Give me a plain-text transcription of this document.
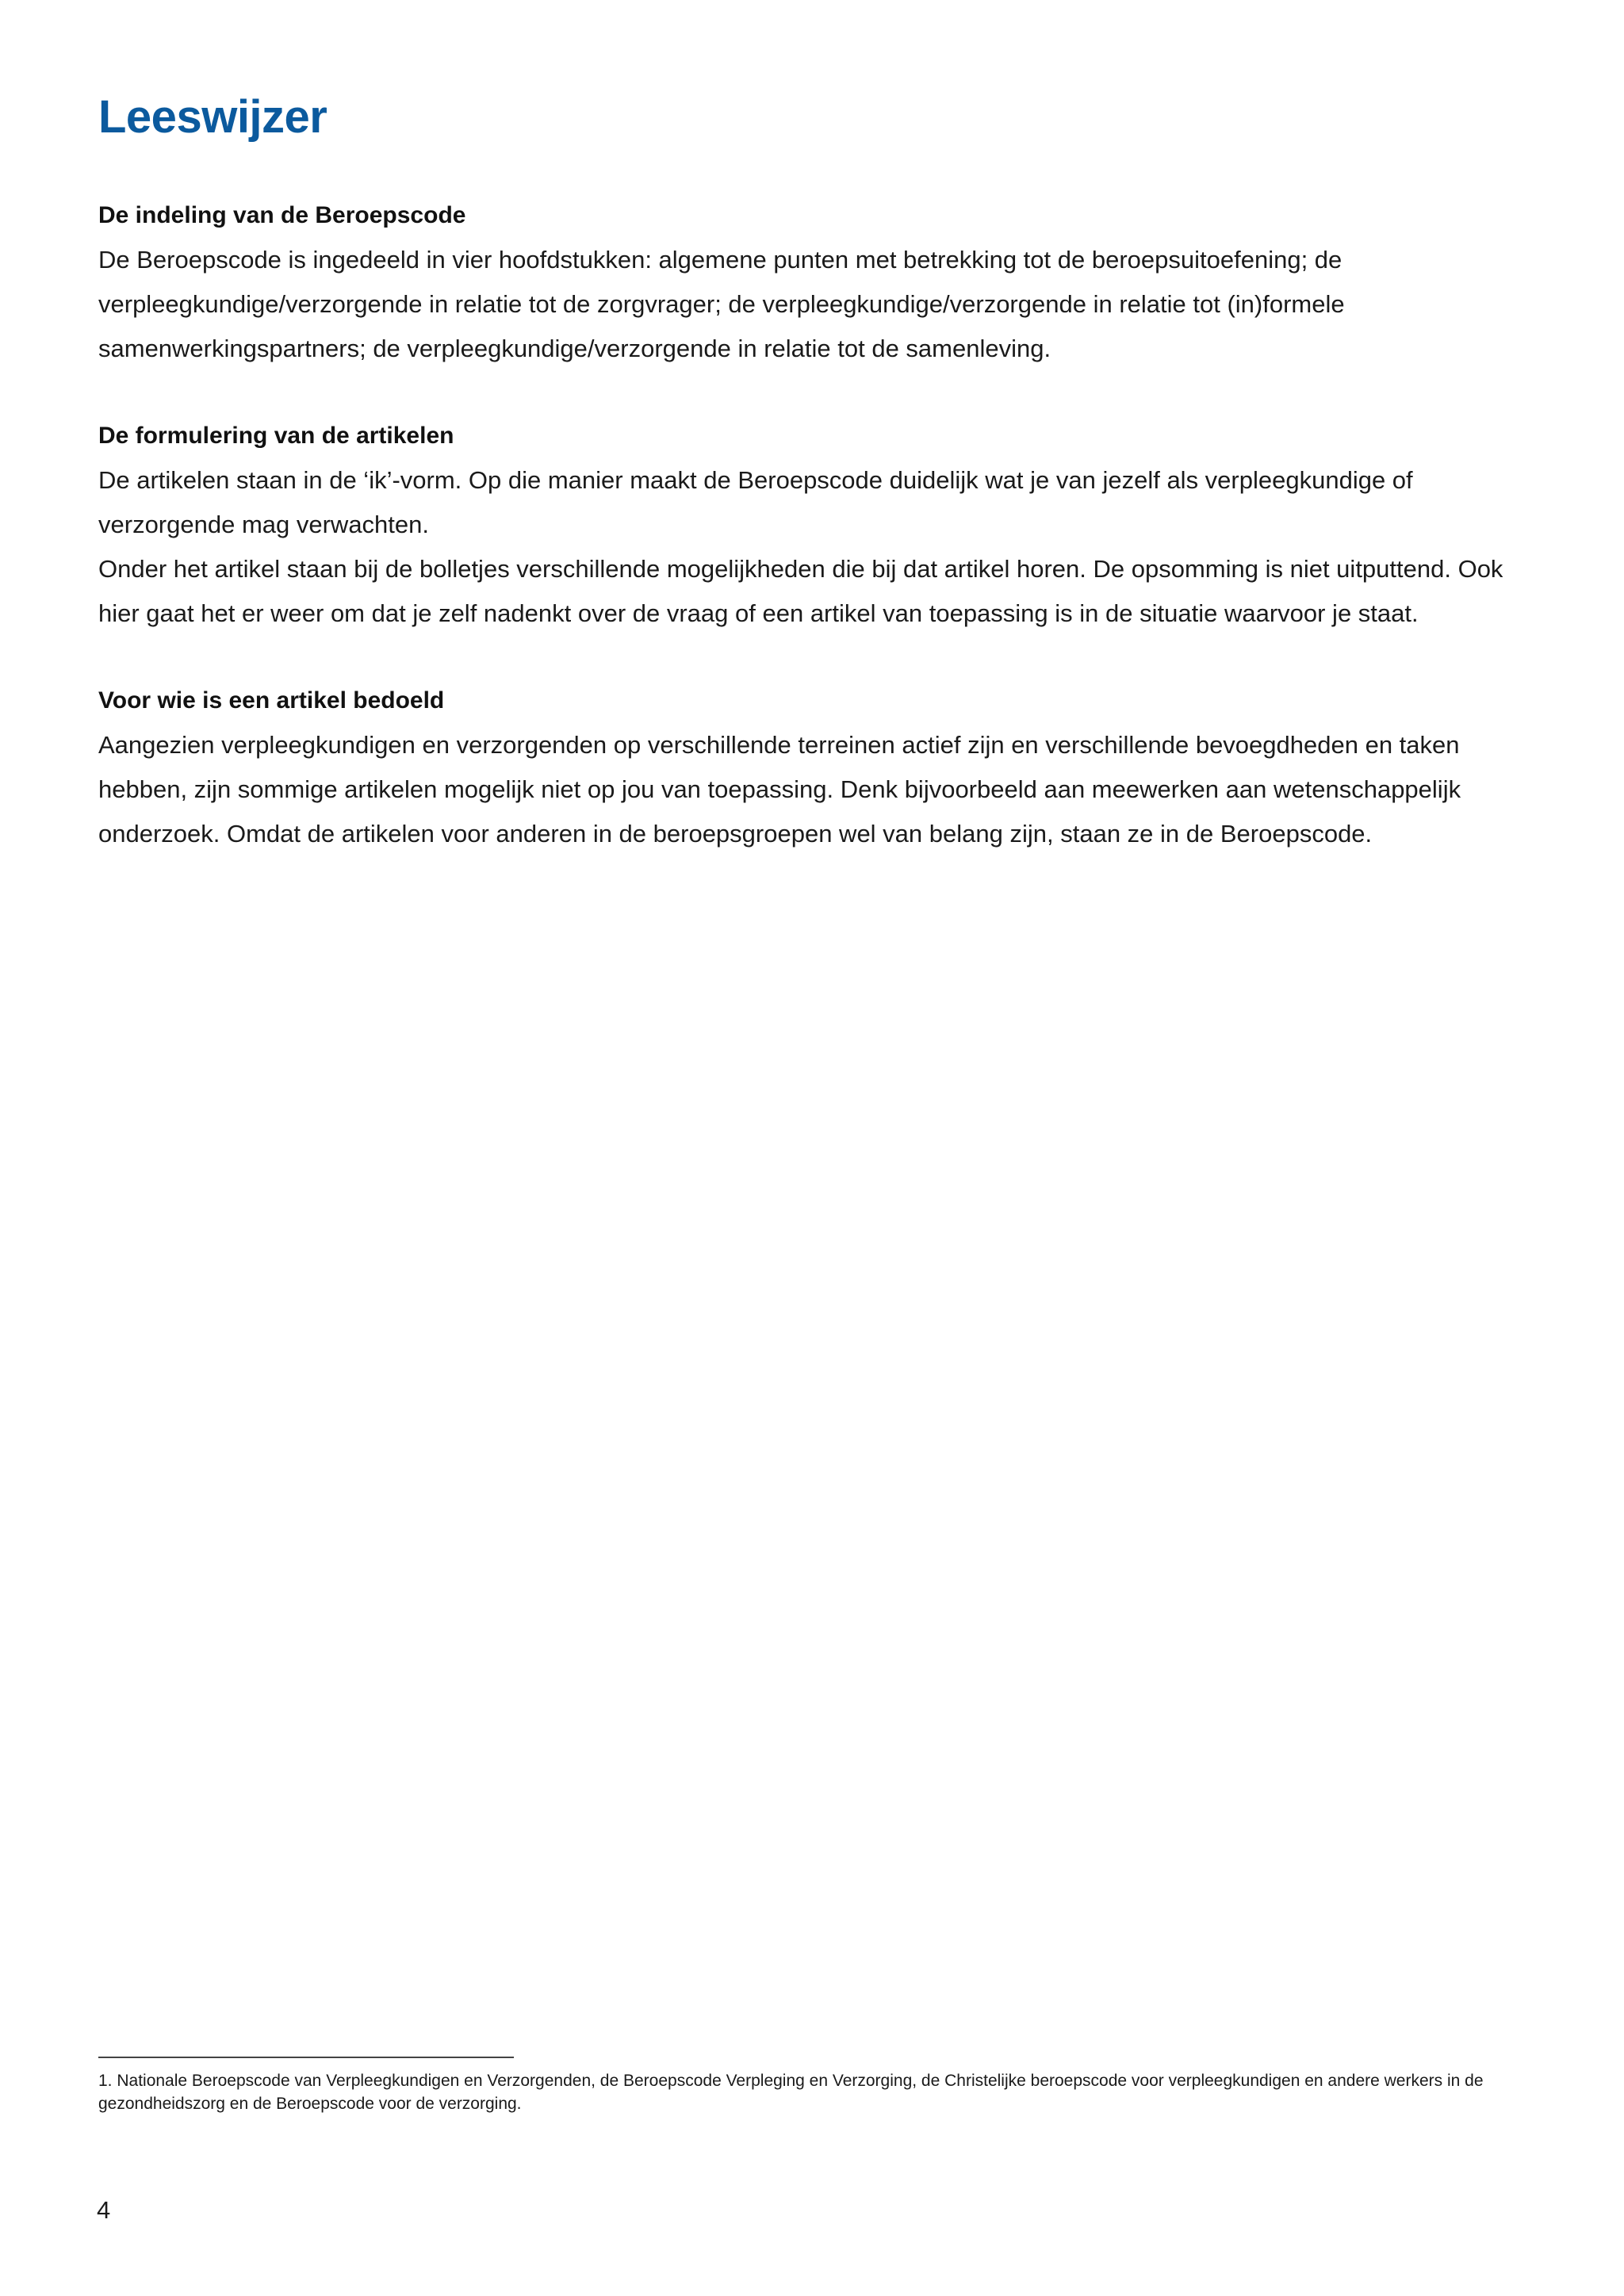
Leeswijzer
De indeling van de Beroepscode

De Beroepscode is ingedeeld in vier hoofdstukken: algemene punten met betrekking tot de beroepsuitoefening; de verpleegkundige/verzorgende in relatie tot de zorgvrager; de verpleegkundige/verzorgende in relatie tot (in)formele samenwerkingspartners; de verpleegkundige/verzorgende in relatie tot de samenleving.

De formulering van de artikelen

De artikelen staan in de ‘ik’-vorm. Op die manier maakt de Beroepscode duidelijk wat je van jezelf als verpleegkundige of verzorgende mag verwachten.

Onder het artikel staan bij de bolletjes verschillende mogelijkheden die bij dat artikel horen. De opsomming is niet uitputtend. Ook hier gaat het er weer om dat je zelf nadenkt over de vraag of een artikel van toepassing is in de situatie waarvoor je staat.

Voor wie is een artikel bedoeld

Aangezien verpleegkundigen en verzorgenden op verschillende terreinen actief zijn en verschillende bevoegdheden en taken hebben, zijn sommige artikelen mogelijk niet op jou van toepassing. Denk bijvoorbeeld aan meewerken aan wetenschappelijk onderzoek. Omdat de artikelen voor anderen in de beroepsgroepen wel van belang zijn, staan ze in de Beroepscode.

1. Nationale Beroepscode van Verpleegkundigen en Verzorgenden, de Beroepscode Verpleging en Verzorging, de Christelijke beroepscode voor verpleegkundigen en andere werkers in de gezondheidszorg en de Beroepscode voor de verzorging.
4
